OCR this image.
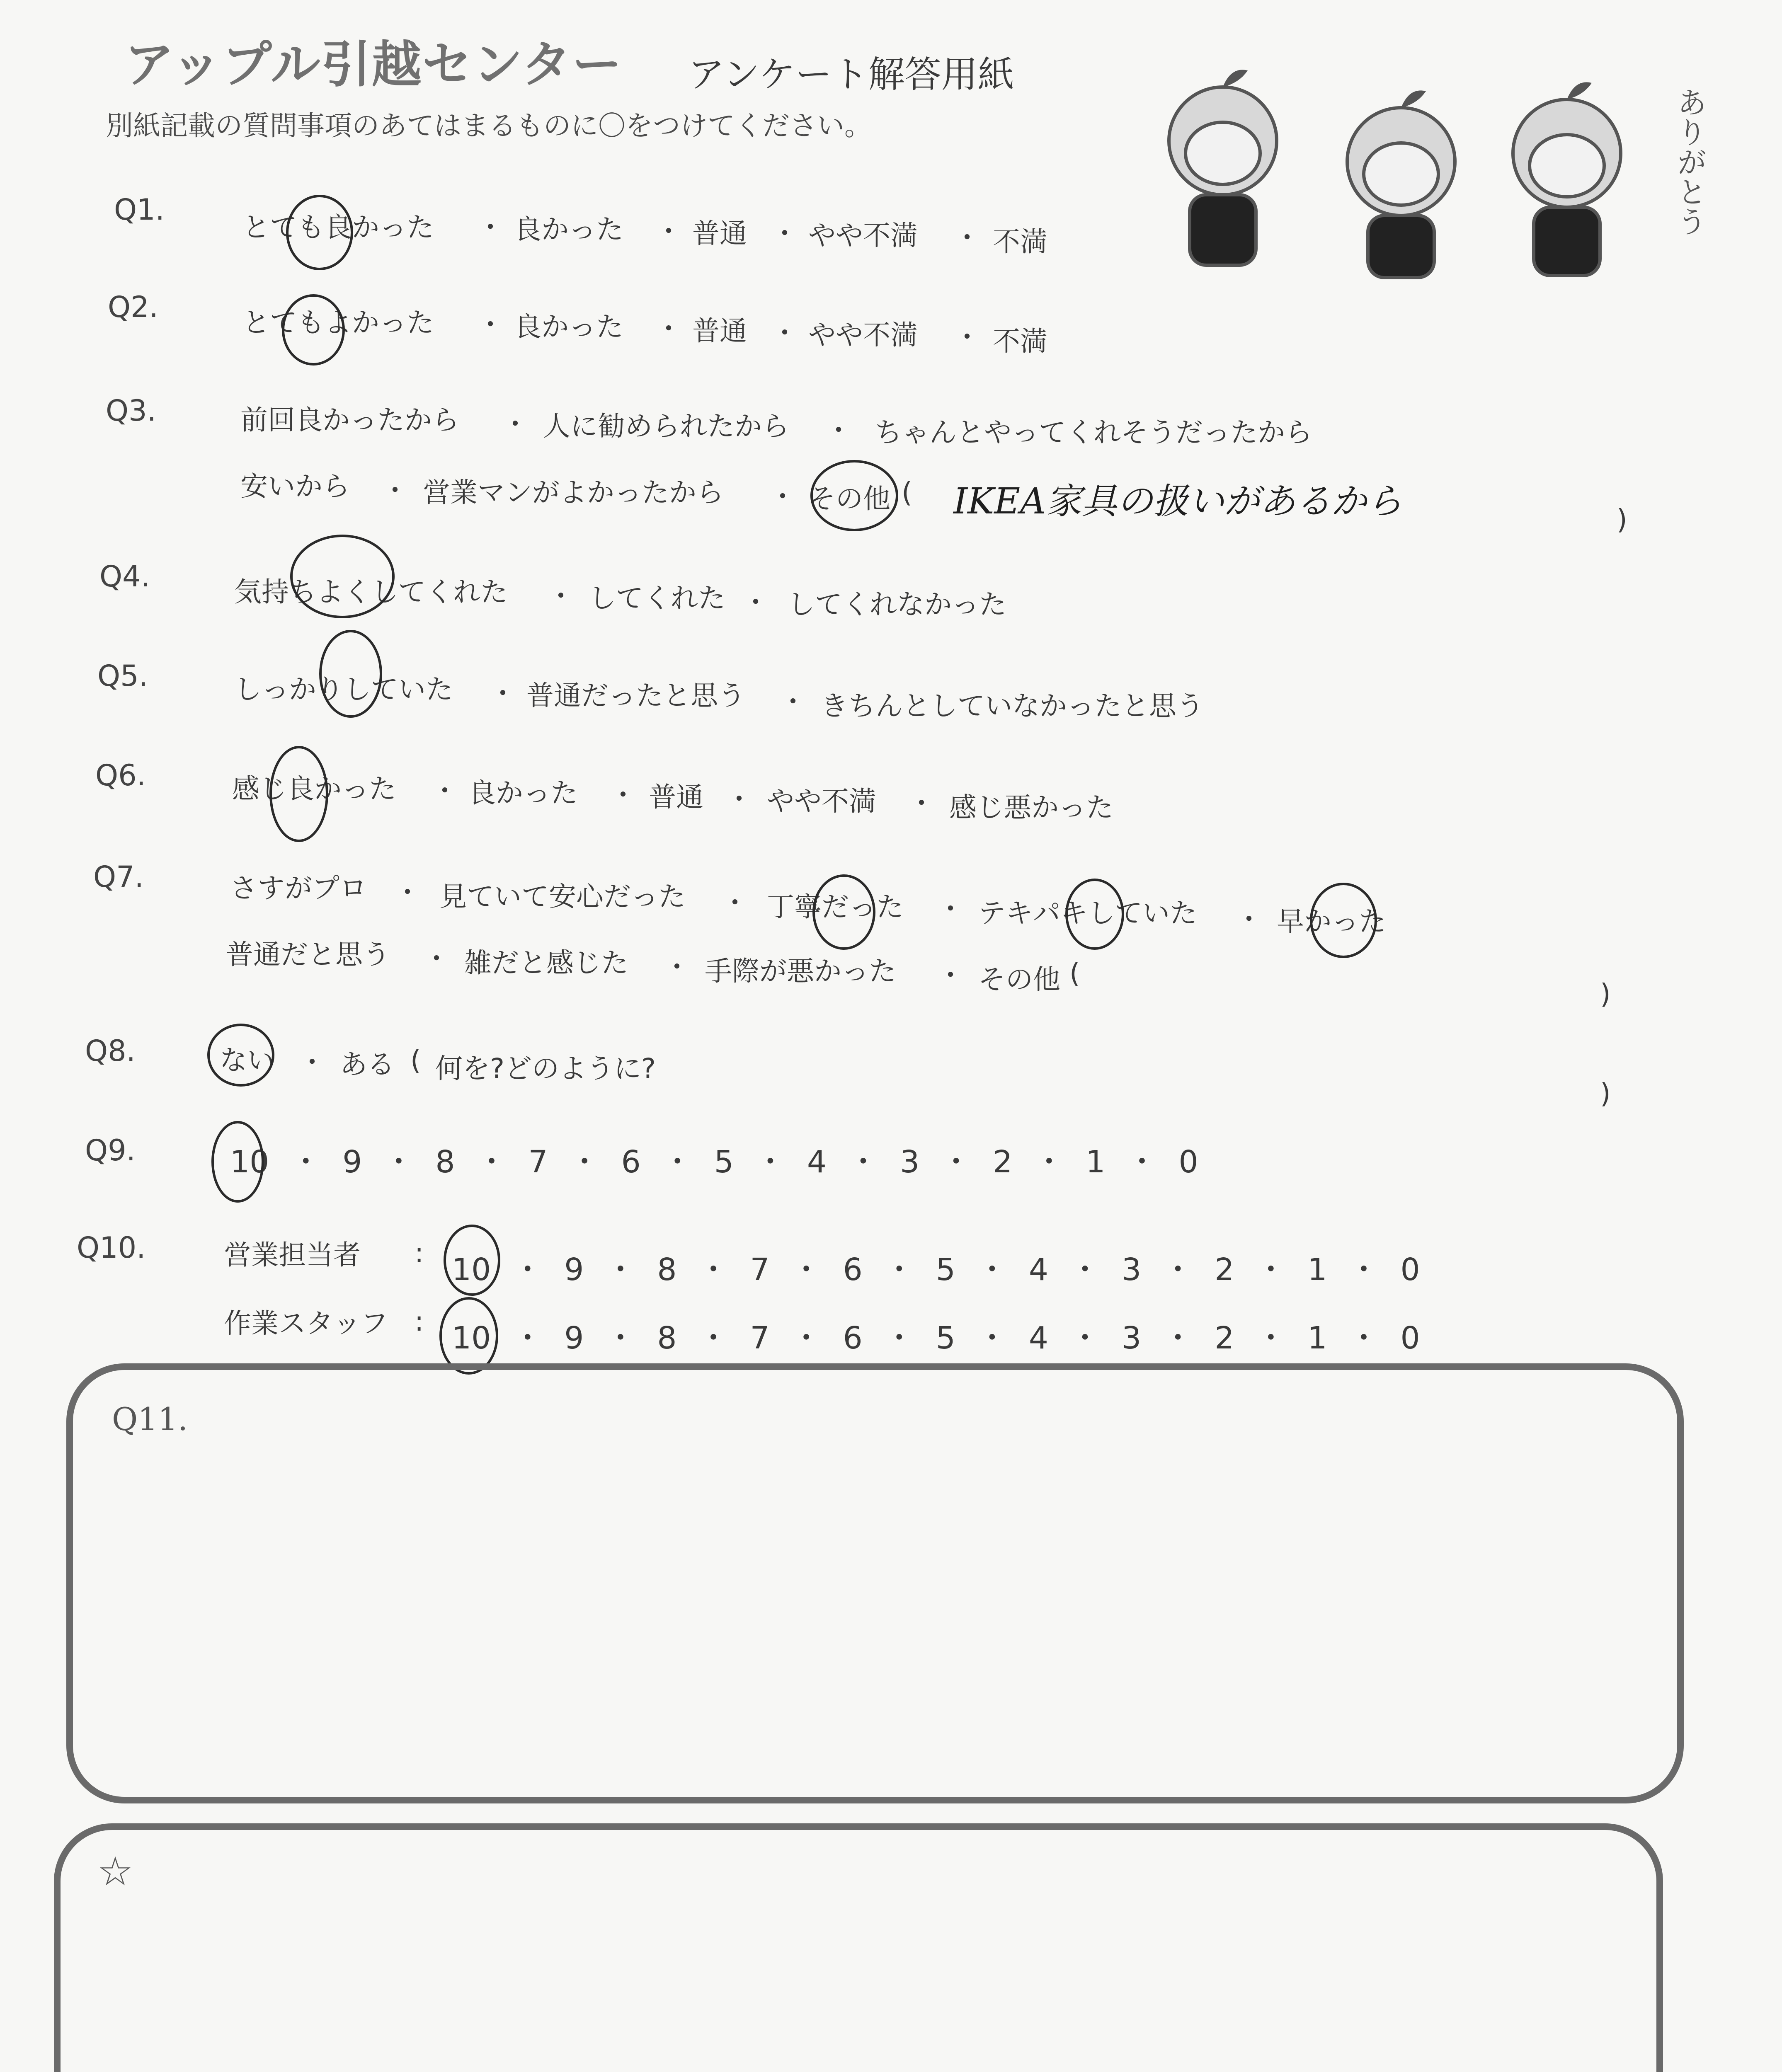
アップル引越センター アンケート解答用紙
別紙記載の質問事項のあてはまるものに〇をつけてください。	ありがとう
Q1.
とても良かった ・ 良かった ・ 普通 ・ やや不満 ・ 不満
Q2.	とてもよかった ・ 良かった ・ 普通 ・ やや不満 ・ 不満
Q3.	前回良かったから ・ 人に勧められたから ・ ちゃんとやってくれそうだったから
安いから ・ 営業マンがよかったから ・ その他 ( IKEA家具の扱いがあるから	)
Q4.	気持ちよくしてくれた ・ してくれた ・ してくれなかった
Q5.	しっかりしていた ・ 普通だったと思う ・ きちんとしていなかったと思う
Q6.	感じ良かった ・ 良かった ・ 普通 ・ やや不満 ・ 感じ悪かった
Q7.	さすがプロ ・ 見ていて安心だった ・ 丁寧だった ・ テキパキしていた ・ 早かった
普通だと思う ・ 雑だと感じた ・ 手際が悪かった ・ その他 (
)
Q8.	ない ・ ある ( 何を?どのように?
)
Q9.	10 ・ 9 ・ 8 ・ 7 ・ 6 ・ 5 ・ 4 ・ 3 ・ 2 ・ 1 ・ 0
Q10.	営業担当者 : 10 ・ 9 ・ 8 ・ 7 ・ 6 ・ 5 ・ 4 ・ 3 ・ 2 ・ 1 ・ 0
作業スタッフ : 10 ・ 9 ・ 8 ・ 7 ・ 6 ・ 5 ・ 4 ・ 3 ・ 2 ・ 1 ・ 0
Q11.
☆
